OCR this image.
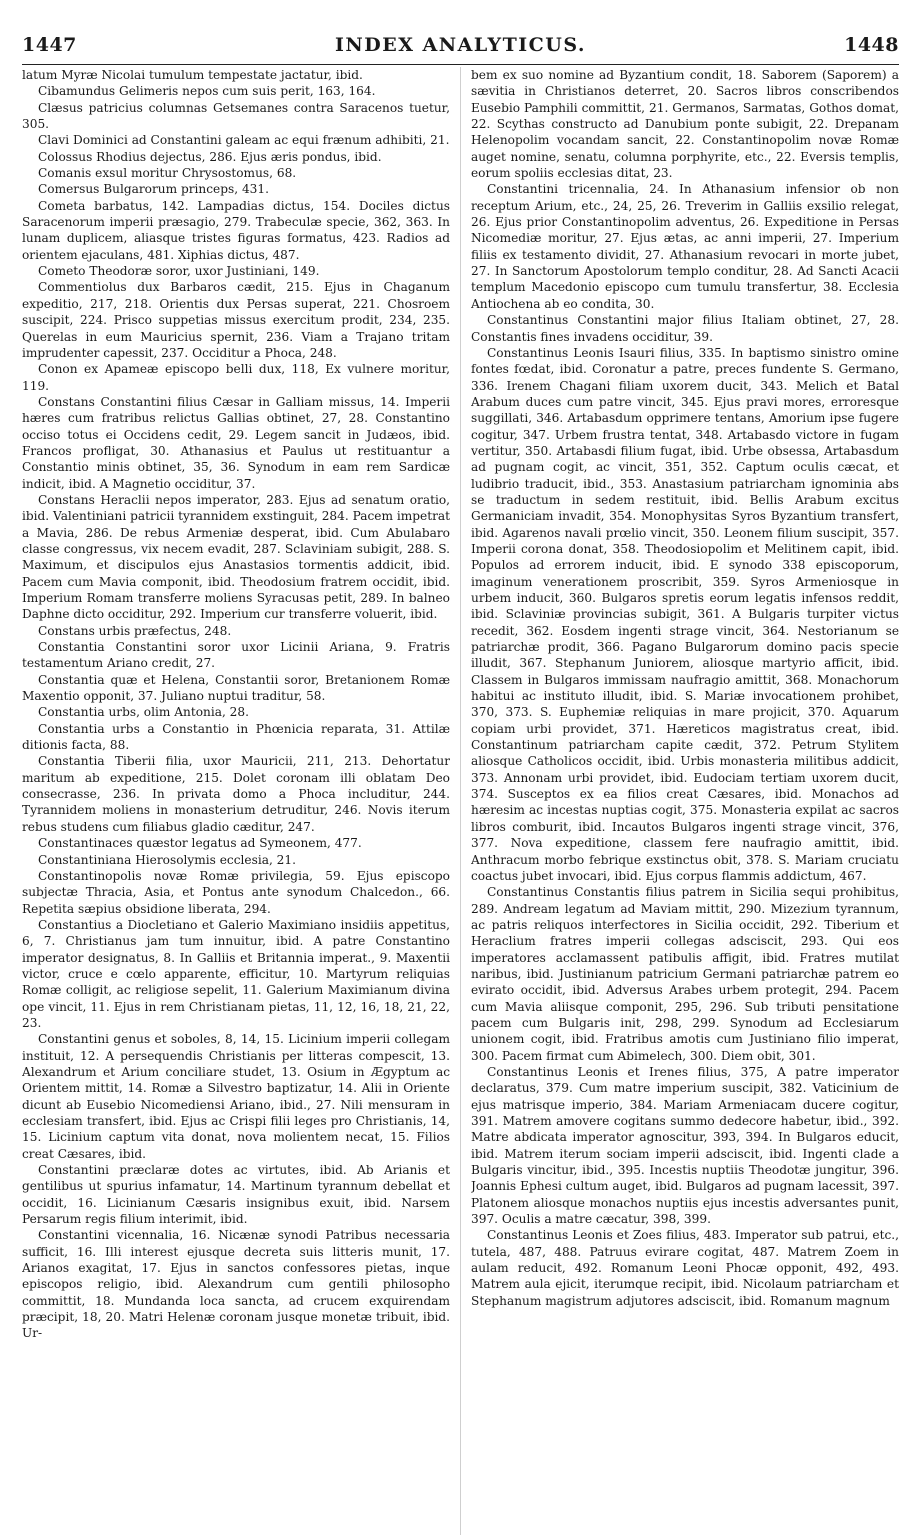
1447	INDEX ANALYTICUS.	1448

latum Myræ Nicolai tumulum tempestate jactatur, ibid.

Cibamundus Gelimeris nepos cum suis perit, 163, 164.

Clæsus patricius columnas Getsemanes contra Saracenos tuetur, 305.

Clavi Dominici ad Constantini galeam ac equi frænum adhibiti, 21.

Colossus Rhodius dejectus, 286. Ejus æris pondus, ibid.

Comanis exsul moritur Chrysostomus, 68.

Comersus Bulgarorum princeps, 431.

Cometa barbatus, 142. Lampadias dictus, 154. Dociles dictus Saracenorum imperii præsagio, 279. Trabeculæ specie, 362, 363. In lunam duplicem, aliasque tristes figuras formatus, 423. Radios ad orientem ejaculans, 481. Xiphias dictus, 487.

Cometo Theodoræ soror, uxor Justiniani, 149.

Commentiolus dux Barbaros cædit, 215. Ejus in Chaganum expeditio, 217, 218. Orientis dux Persas superat, 221. Chosroem suscipit, 224. Prisco suppetias missus exercitum prodit, 234, 235. Querelas in eum Mauricius spernit, 236. Viam a Trajano tritam imprudenter capessit, 237. Occiditur a Phoca, 248.

Conon ex Apameæ episcopo belli dux, 118, Ex vulnere moritur, 119.

Constans Constantini filius Cæsar in Galliam missus, 14. Imperii hæres cum fratribus relictus Gallias obtinet, 27, 28. Constantino occiso totus ei Occidens cedit, 29. Legem sancit in Judæos, ibid. Francos profligat, 30. Athanasius et Paulus ut restituantur a Constantio minis obtinet, 35, 36. Synodum in eam rem Sardicæ indicit, ibid. A Magnetio occiditur, 37.

Constans Heraclii nepos imperator, 283. Ejus ad senatum oratio, ibid. Valentiniani patricii tyrannidem exstinguit, 284. Pacem impetrat a Mavia, 286. De rebus Armeniæ desperat, ibid. Cum Abulabaro classe congressus, vix necem evadit, 287. Sclaviniam subigit, 288. S. Maximum, et discipulos ejus Anastasios tormentis addicit, ibid. Pacem cum Mavia componit, ibid. Theodosium fratrem occidit, ibid. Imperium Romam transferre moliens Syracusas petit, 289. In balneo Daphne dicto occiditur, 292. Imperium cur transferre voluerit, ibid.

Constans urbis præfectus, 248.

Constantia Constantini soror uxor Licinii Ariana, 9. Fratris testamentum Ariano credit, 27.

Constantia quæ et Helena, Constantii soror, Bretanionem Romæ Maxentio opponit, 37. Juliano nuptui traditur, 58.

Constantia urbs, olim Antonia, 28.

Constantia urbs a Constantio in Phœnicia reparata, 31. Attilæ ditionis facta, 88.

Constantia Tiberii filia, uxor Mauricii, 211, 213. Dehortatur maritum ab expeditione, 215. Dolet coronam illi oblatam Deo consecrasse, 236. In privata domo a Phoca includitur, 244. Tyrannidem moliens in monasterium detruditur, 246. Novis iterum rebus studens cum filiabus gladio cæditur, 247.

Constantinaces quæstor legatus ad Symeonem, 477.

Constantiniana Hierosolymis ecclesia, 21.

Constantinopolis novæ Romæ privilegia, 59. Ejus episcopo subjectæ Thracia, Asia, et Pontus ante synodum Chalcedon., 66. Repetita sæpius obsidione liberata, 294.

Constantius a Diocletiano et Galerio Maximiano insidiis appetitus, 6, 7. Christianus jam tum innuitur, ibid. A patre Constantino imperator designatus, 8. In Galliis et Britannia imperat., 9. Maxentii victor, cruce e cœlo apparente, efficitur, 10. Martyrum reliquias Romæ colligit, ac religiose sepelit, 11. Galerium Maximianum divina ope vincit, 11. Ejus in rem Christianam pietas, 11, 12, 16, 18, 21, 22, 23.

Constantini genus et soboles, 8, 14, 15. Licinium imperii collegam instituit, 12. A persequendis Christianis per litteras compescit, 13. Alexandrum et Arium conciliare studet, 13. Osium in Ægyptum ac Orientem mittit, 14. Romæ a Silvestro baptizatur, 14. Alii in Oriente dicunt ab Eusebio Nicomediensi Ariano, ibid., 27. Nili mensuram in ecclesiam transfert, ibid. Ejus ac Crispi filii leges pro Christianis, 14, 15. Licinium captum vita donat, nova molientem necat, 15. Filios creat Cæsares, ibid.

Constantini præclaræ dotes ac virtutes, ibid. Ab Arianis et gentilibus ut spurius infamatur, 14. Martinum tyrannum debellat et occidit, 16. Licinianum Cæsaris insignibus exuit, ibid. Narsem Persarum regis filium interimit, ibid.

Constantini vicennalia, 16. Nicænæ synodi Patribus necessaria sufficit, 16. Illi interest ejusque decreta suis litteris munit, 17. Arianos exagitat, 17. Ejus in sanctos confessores pietas, inque episcopos religio, ibid. Alexandrum cum gentili philosopho committit, 18. Mundanda loca sancta, ad crucem exquirendam præcipit, 18, 20. Matri Helenæ coronam jusque monetæ tribuit, ibid. Ur-

bem ex suo nomine ad Byzantium condit, 18. Saborem (Saporem) a sævitia in Christianos deterret, 20. Sacros libros conscribendos Eusebio Pamphili committit, 21. Germanos, Sarmatas, Gothos domat, 22. Scythas constructo ad Danubium ponte subigit, 22. Drepanam Helenopolim vocandam sancit, 22. Constantinopolim novæ Romæ auget nomine, senatu, columna porphyrite, etc., 22. Eversis templis, eorum spoliis ecclesias ditat, 23.

Constantini tricennalia, 24. In Athanasium infensior ob non receptum Arium, etc., 24, 25, 26. Treverim in Galliis exsilio relegat, 26. Ejus prior Constantinopolim adventus, 26. Expeditione in Persas Nicomediæ moritur, 27. Ejus ætas, ac anni imperii, 27. Imperium filiis ex testamento dividit, 27. Athanasium revocari in morte jubet, 27. In Sanctorum Apostolorum templo conditur, 28. Ad Sancti Acacii templum Macedonio episcopo cum tumulu transfertur, 38. Ecclesia Antiochena ab eo condita, 30.

Constantinus Constantini major filius Italiam obtinet, 27, 28. Constantis fines invadens occiditur, 39.

Constantinus Leonis Isauri filius, 335. In baptismo sinistro omine fontes fœdat, ibid. Coronatur a patre, preces fundente S. Germano, 336. Irenem Chagani filiam uxorem ducit, 343. Melich et Batal Arabum duces cum patre vincit, 345. Ejus pravi mores, erroresque suggillati, 346. Artabasdum opprimere tentans, Amorium ipse fugere cogitur, 347. Urbem frustra tentat, 348. Artabasdo victore in fugam vertitur, 350. Artabasdi filium fugat, ibid. Urbe obsessa, Artabasdum ad pugnam cogit, ac vincit, 351, 352. Captum oculis cæcat, et ludibrio traducit, ibid., 353. Anastasium patriarcham ignominia abs se traductum in sedem restituit, ibid. Bellis Arabum excitus Germaniciam invadit, 354. Monophysitas Syros Byzantium transfert, ibid. Agarenos navali prœlio vincit, 350. Leonem filium suscipit, 357. Imperii corona donat, 358. Theodosiopolim et Melitinem capit, ibid. Populos ad errorem inducit, ibid. E synodo 338 episcoporum, imaginum venerationem proscribit, 359. Syros Armeniosque in urbem inducit, 360. Bulgaros spretis eorum legatis infensos reddit, ibid. Sclaviniæ provincias subigit, 361. A Bulgaris turpiter victus recedit, 362. Eosdem ingenti strage vincit, 364. Nestorianum se patriarchæ prodit, 366. Pagano Bulgarorum domino pacis specie illudit, 367. Stephanum Juniorem, aliosque martyrio afficit, ibid. Classem in Bulgaros immissam naufragio amittit, 368. Monachorum habitui ac instituto illudit, ibid. S. Mariæ invocationem prohibet, 370, 373. S. Euphemiæ reliquias in mare projicit, 370. Aquarum copiam urbi providet, 371. Hæreticos magistratus creat, ibid. Constantinum patriarcham capite cædit, 372. Petrum Stylitem aliosque Catholicos occidit, ibid. Urbis monasteria militibus addicit, 373. Annonam urbi providet, ibid. Eudociam tertiam uxorem ducit, 374. Susceptos ex ea filios creat Cæsares, ibid. Monachos ad hæresim ac incestas nuptias cogit, 375. Monasteria expilat ac sacros libros comburit, ibid. Incautos Bulgaros ingenti strage vincit, 376, 377. Nova expeditione, classem fere naufragio amittit, ibid. Anthracum morbo febrique exstinctus obit, 378. S. Mariam cruciatu coactus jubet invocari, ibid. Ejus corpus flammis addictum, 467.

Constantinus Constantis filius patrem in Sicilia sequi prohibitus, 289. Andream legatum ad Maviam mittit, 290. Mizezium tyrannum, ac patris reliquos interfectores in Sicilia occidit, 292. Tiberium et Heraclium fratres imperii collegas adsciscit, 293. Qui eos imperatores acclamassent patibulis affigit, ibid. Fratres mutilat naribus, ibid. Justinianum patricium Germani patriarchæ patrem eo evirato occidit, ibid. Adversus Arabes urbem protegit, 294. Pacem cum Mavia aliisque componit, 295, 296. Sub tributi pensitatione pacem cum Bulgaris init, 298, 299. Synodum ad Ecclesiarum unionem cogit, ibid. Fratribus amotis cum Justiniano filio imperat, 300. Pacem firmat cum Abimelech, 300. Diem obit, 301.

Constantinus Leonis et Irenes filius, 375, A patre imperator declaratus, 379. Cum matre imperium suscipit, 382. Vaticinium de ejus matrisque imperio, 384. Mariam Armeniacam ducere cogitur, 391. Matrem amovere cogitans summo dedecore habetur, ibid., 392. Matre abdicata imperator agnoscitur, 393, 394. In Bulgaros educit, ibid. Matrem iterum sociam imperii adsciscit, ibid. Ingenti clade a Bulgaris vincitur, ibid., 395. Incestis nuptiis Theodotæ jungitur, 396. Joannis Ephesi cultum auget, ibid. Bulgaros ad pugnam lacessit, 397. Platonem aliosque monachos nuptiis ejus incestis adversantes punit, 397. Oculis a matre cæcatur, 398, 399.

Constantinus Leonis et Zoes filius, 483. Imperator sub patrui, etc., tutela, 487, 488. Patruus evirare cogitat, 487. Matrem Zoem in aulam reducit, 492. Romanum Leoni Phocæ opponit, 492, 493. Matrem aula ejicit, iterumque recipit, ibid. Nicolaum patriarcham et Stephanum magistrum adjutores adsciscit, ibid. Romanum magnum
